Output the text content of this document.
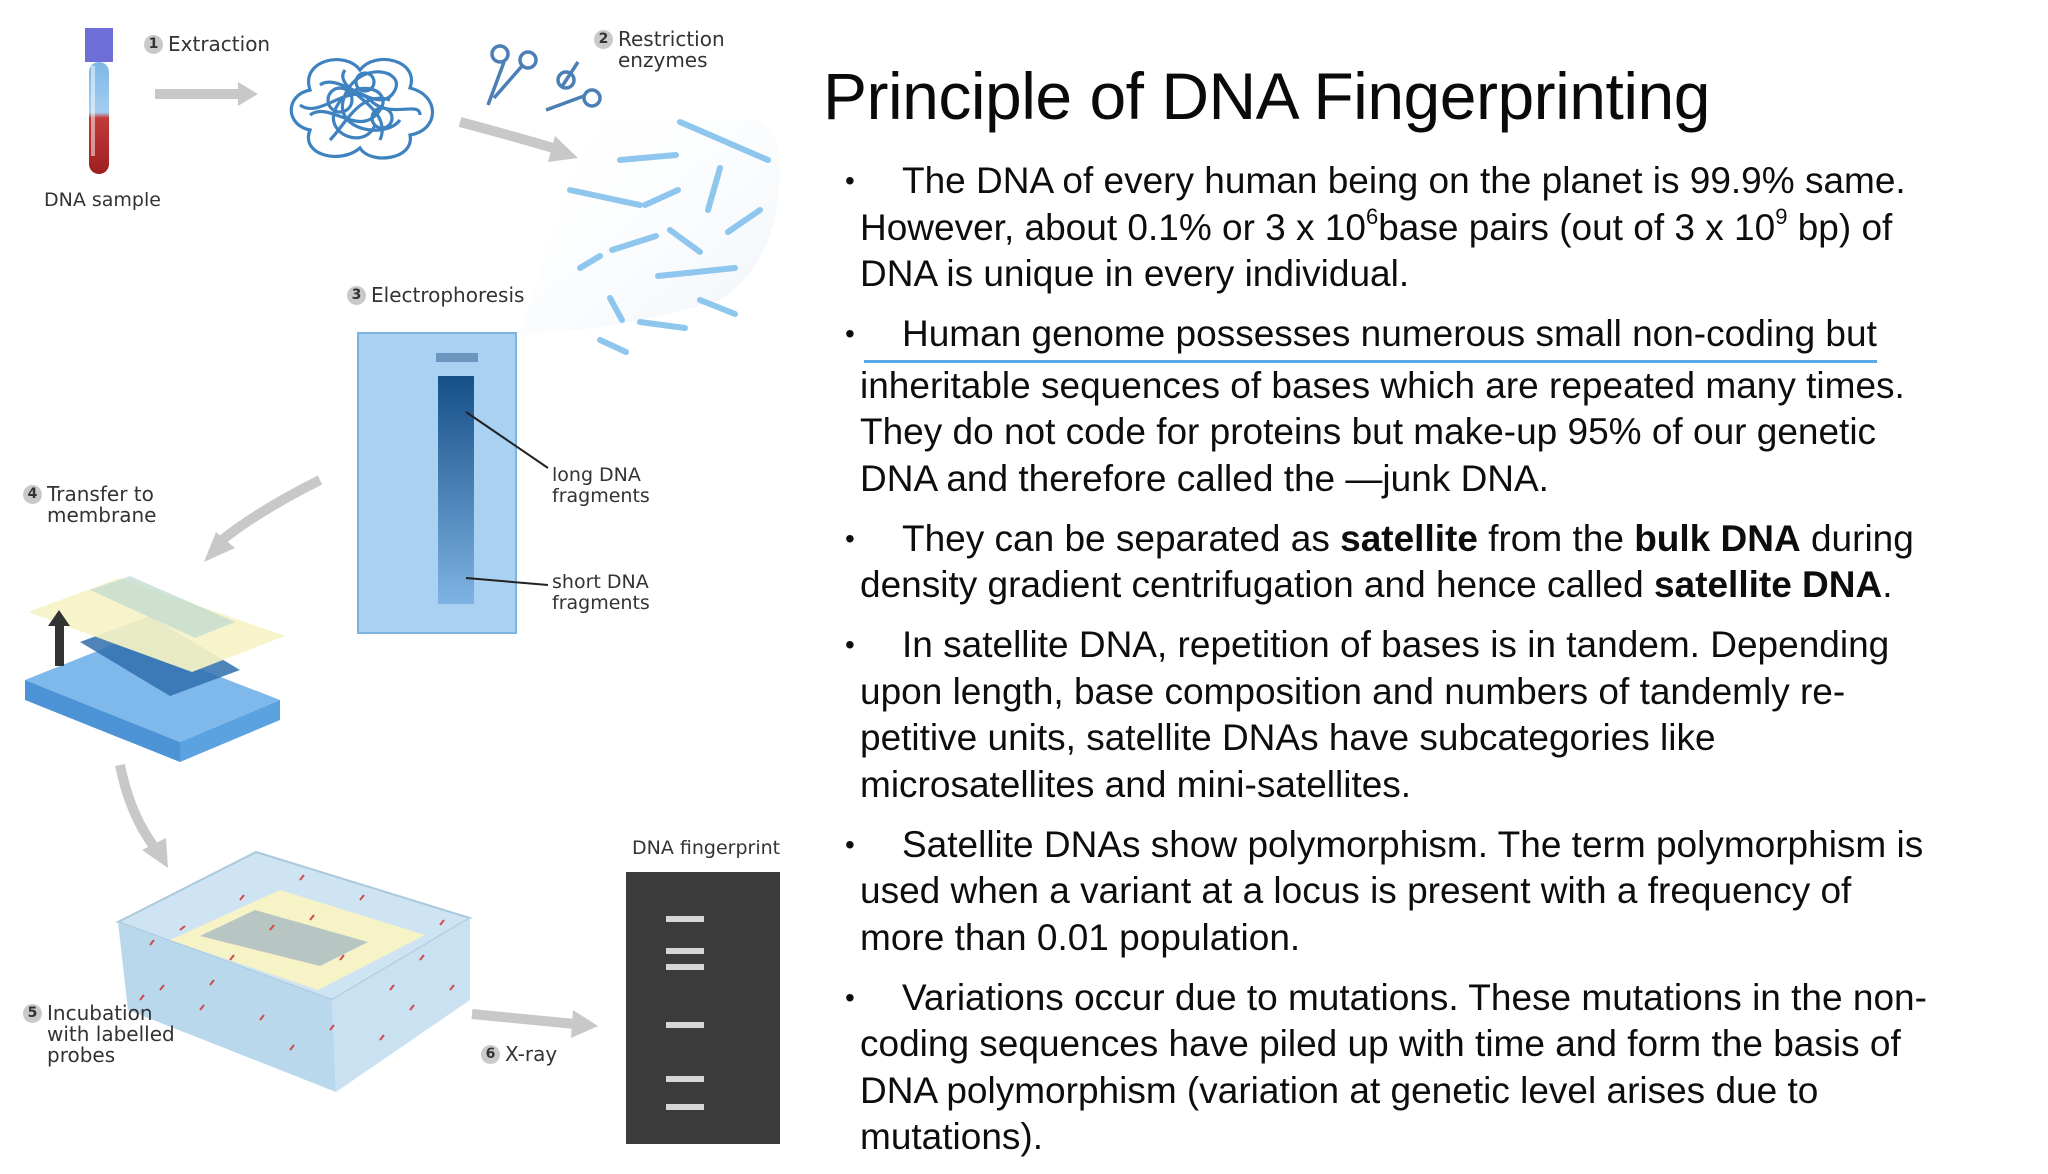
DNA sample
1 Extraction	2 Restriction
enzymes
3 Electrophoresis
long DNA
fragments
short DNA
fragments
4 Transfer to
membrane
5 Incubation
with labelled
probes	6 X-ray
DNA fingerprint
Principle of DNA Fingerprinting
• The DNA of every human being on the planet is 99.9% same.
However, about 0.1% or 3 x $10^6base$ pairs (out of 3 x $10^9$ bp) of
DNA is unique in every individual.
• Human genome possesses numerous small non-coding but
inheritable sequences of bases which are repeated many times.
They do not code for proteins but make-up 95% of our genetic
DNA and therefore called the ―junk DNA.
• They can be separated as satellite from the bulk DNA during
density gradient centrifugation and hence called satellite DNA.
• In satellite DNA, repetition of bases is in tandem. Depending
upon length, base composition and numbers of tandemly re-
petitive units, satellite DNAs have subcategories like
microsatellites and mini-satellites.
• Satellite DNAs show polymorphism. The term polymorphism is
used when a variant at a locus is present with a frequency of
more than 0.01 population.
• Variations occur due to mutations. These mutations in the non-
coding sequences have piled up with time and form the basis of
DNA polymorphism (variation at genetic level arises due to
mutations).
